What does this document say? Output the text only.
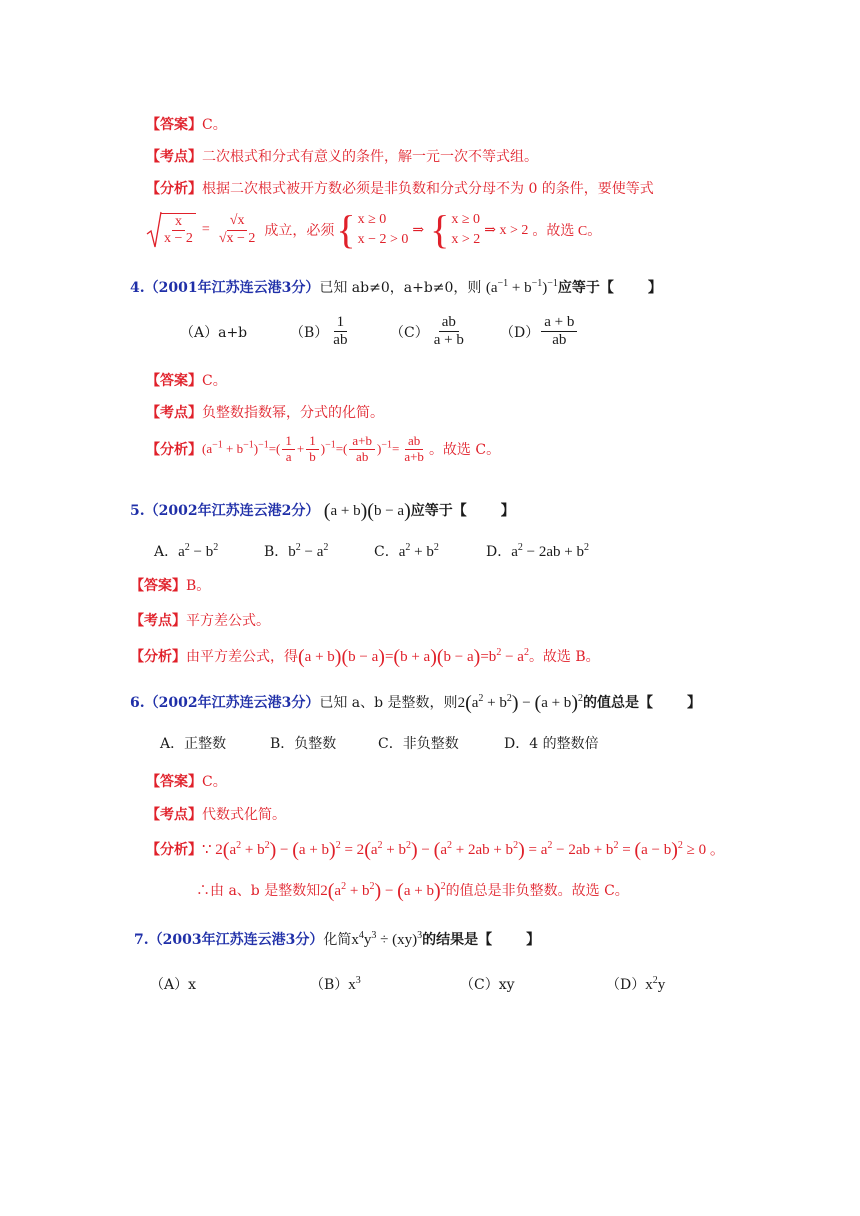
【答案】C。
【考点】二次根式和分式有意义的条件，解一元一次不等式组。
【分析】根据二次根式被开方数必须是非负数和分式分母不为 0 的条件，要使等式
$\frac{x}{x - 2} = \frac{√x}{√x - 2}$ 成立，必须 { x ≥ 0
x − 2 > 0
⇒ { x ≥ 0
x > 2
⇒ x > 2 。故选 C。
4.（2001年江苏连云港3分）已知 ab≠0，a+b≠0，则 $(a^{-1} + b^{-1})^{-1}$应等于【 】
（A）a+b	$(B) \frac{1}{ab}$	$(C) \frac{ab}{a + b} (D) \frac{a + b}{ab}$
【答案】C。
【考点】负整数指数幂，分式的化简。
【分析】 $(a^{-1} + b^{-1})^{-1}=( \frac{1}{a} + \frac{1}{b} )^{-1}=( \frac{a+b}{ab} )^{-1}= \frac{ab}{a+b}$ 。故选 C。
5.（2002年江苏连云港2分） (a + b)(b − a)应等于【 】
A．$a^2 - b^2$	B．$b^2 - a^2$	C．$a^2 + b^2$	D．$a^2 - 2ab + b^2$
【答案】B。
【考点】平方差公式。
【分析】由平方差公式，得$(a + b)(b - a)=(b + a)(b - a)=b^2 - a^2$。故选 B。
6.（2002年江苏连云港3分）已知 a、b 是整数，则$2(a^2 + b^2) - (a + b)^2$的值总是【 】
A．正整数	B．负整数	C．非负整数	D．4 的整数倍
【答案】C。
【考点】代数式化简。
【分析】∵ $2(a^2 + b^2) - (a + b)^2 = 2(a^2 + b^2) - (a^2 + 2ab + b^2) = a^2 - 2ab + b^2 = (a - b)^2 \ge 0$ 。
∴由 a、b 是整数知$2(a^2 + b^2) - (a + b)^2$的值总是非负整数。故选 C。
7.（2003年江苏连云港3分）化简$x^4y^3 \div (xy)^3$的结果是【 】
（A）x	$(B)x^3$	（C）xy	$(D)x^2y$
